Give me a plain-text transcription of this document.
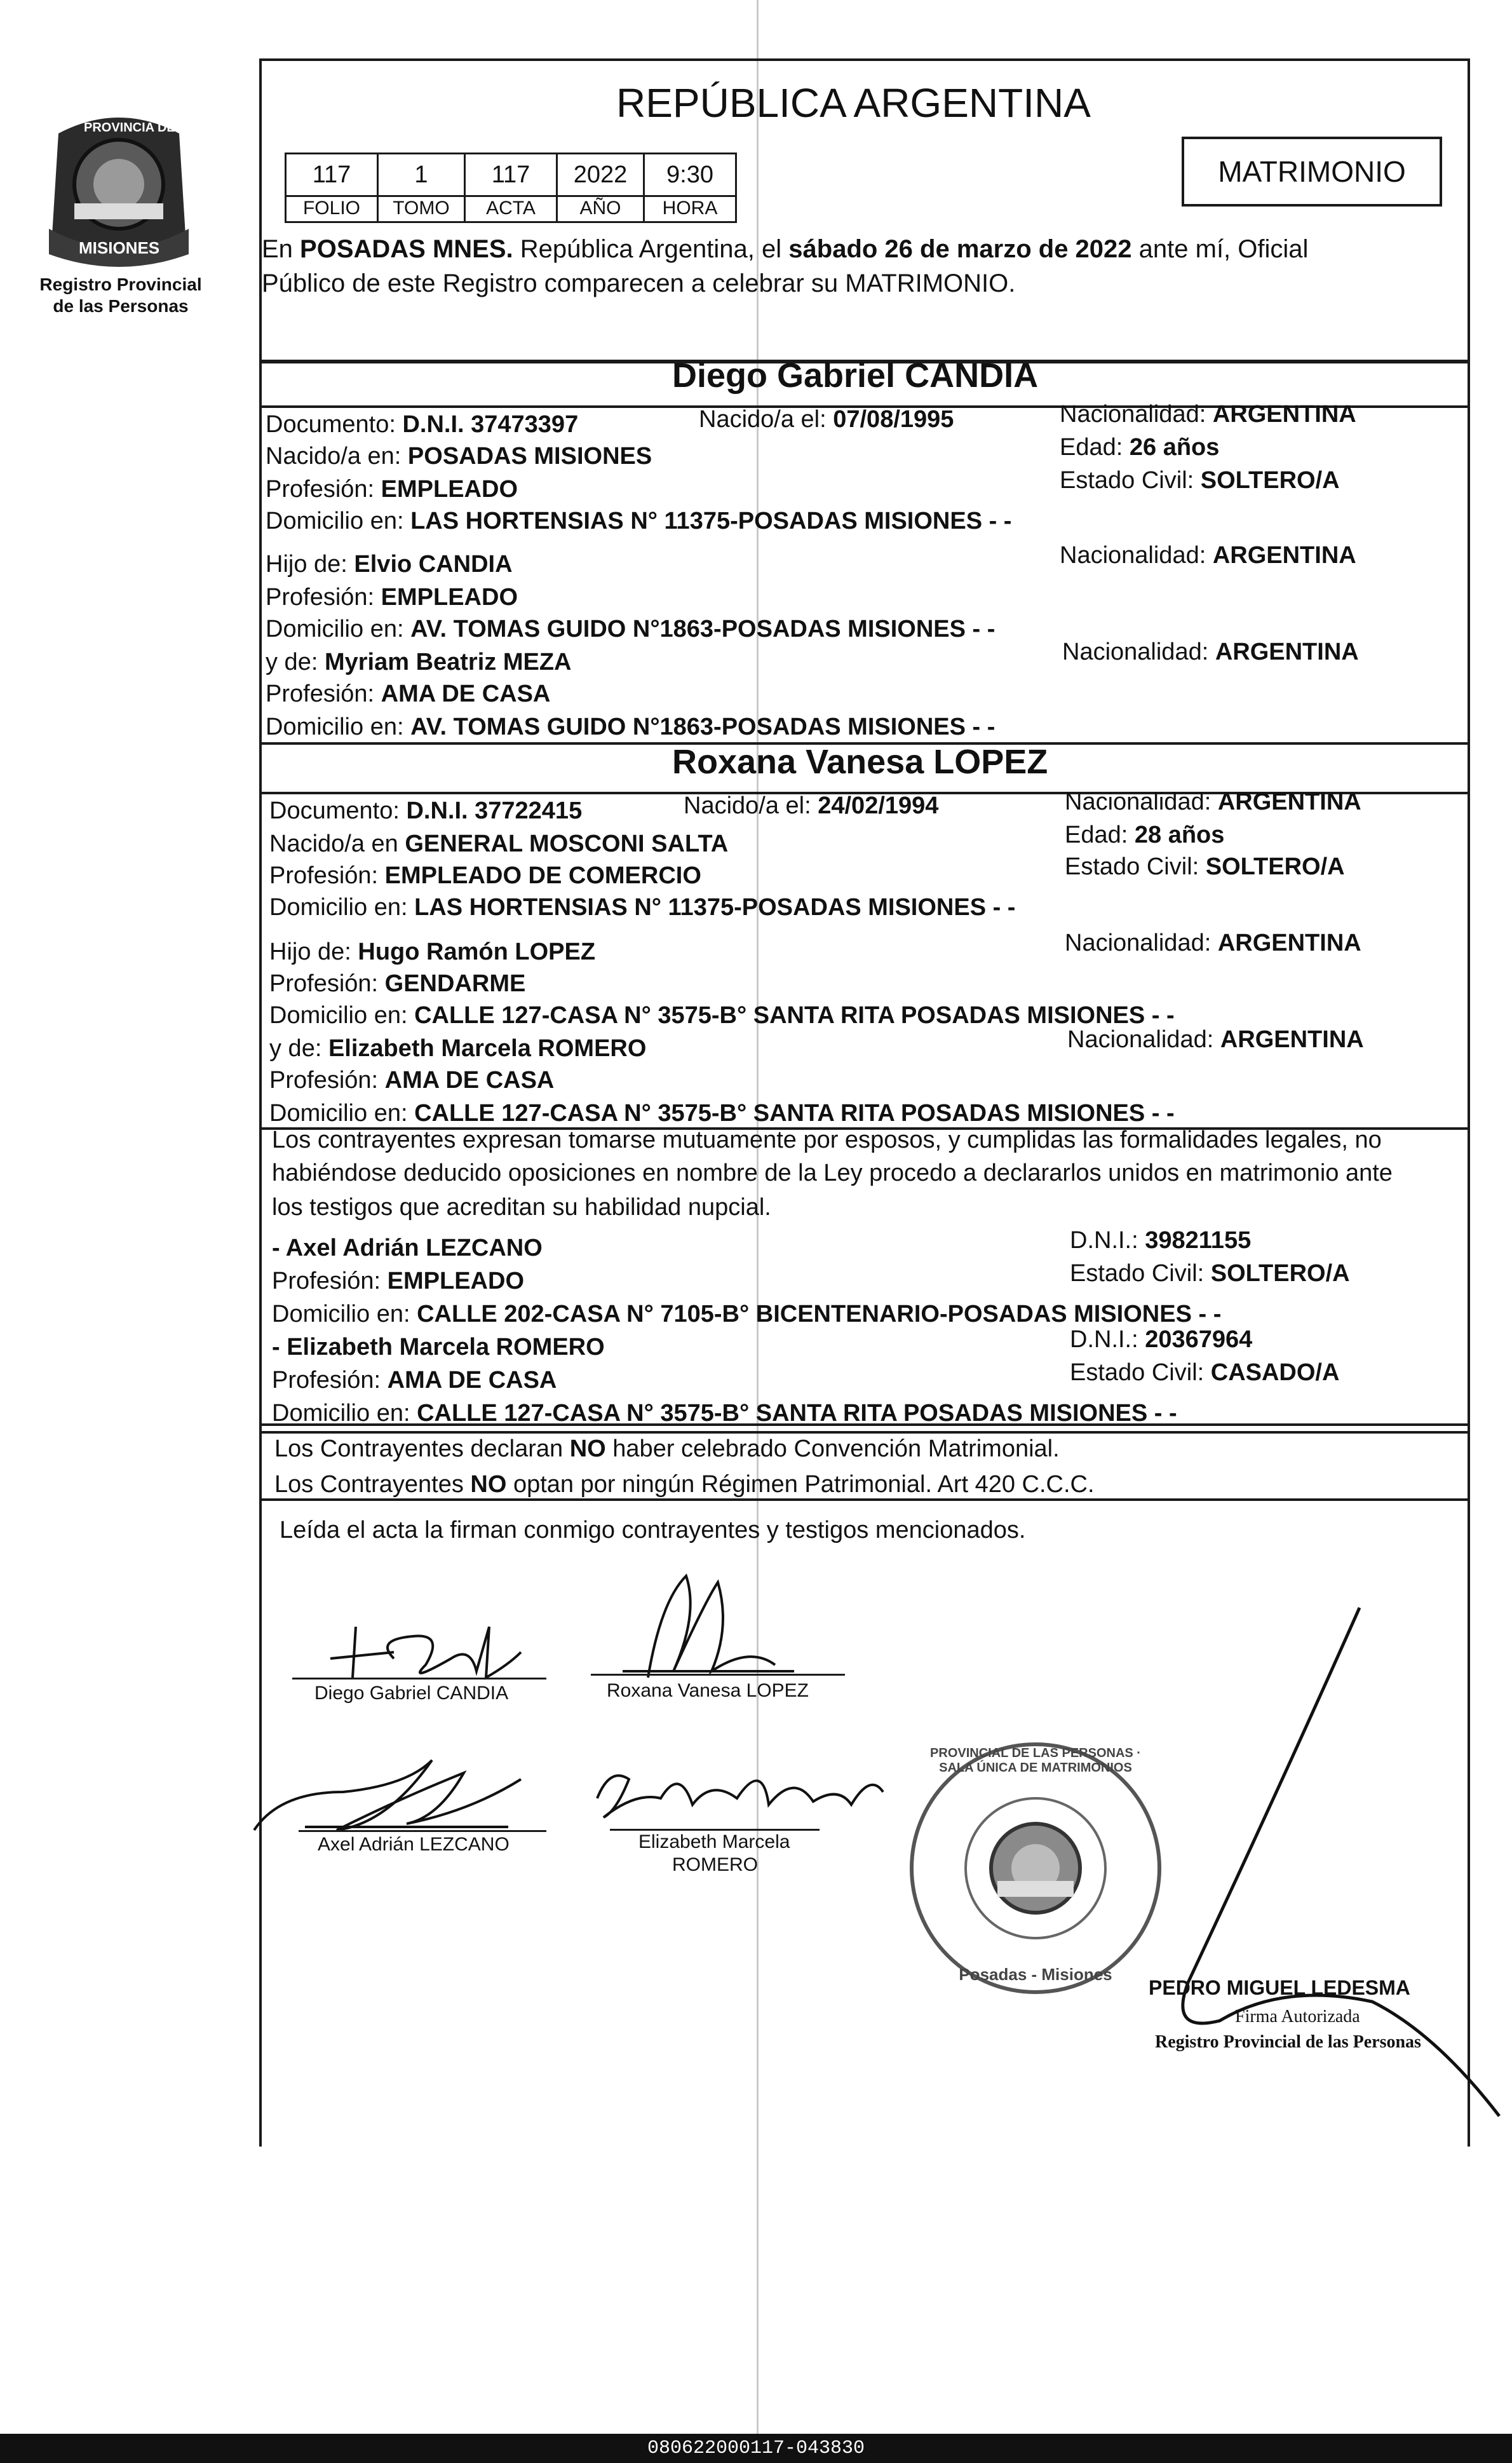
PROVINCIA DE
MISIONES
Registro Provincial
de las Personas
REPÚBLICA ARGENTINA
117	1	117	2022	9:30
FOLIO	TOMO	ACTA	AÑO	HORA
MATRIMONIO
En POSADAS MNES. República Argentina, el sábado 26 de marzo de 2022 ante mí, Oficial
Público de este Registro comparecen a celebrar su MATRIMONIO.
Diego Gabriel CANDIA
Documento: D.N.I. 37473397	Nacido/a el: 07/08/1995	Nacionalidad: ARGENTINA
Nacido/a en: POSADAS MISIONES	Edad: 26 años
Profesión: EMPLEADO	Estado Civil: SOLTERO/A
Domicilio en: LAS HORTENSIAS N° 11375-POSADAS MISIONES - -
Hijo de: Elvio CANDIA	Nacionalidad: ARGENTINA
Profesión: EMPLEADO
Domicilio en: AV. TOMAS GUIDO N°1863-POSADAS MISIONES - -
y de: Myriam Beatriz MEZA	Nacionalidad: ARGENTINA
Profesión: AMA DE CASA
Domicilio en: AV. TOMAS GUIDO N°1863-POSADAS MISIONES - -
Roxana Vanesa LOPEZ
Documento: D.N.I. 37722415	Nacido/a el: 24/02/1994	Nacionalidad: ARGENTINA
Nacido/a en GENERAL MOSCONI SALTA	Edad: 28 años
Profesión: EMPLEADO DE COMERCIO	Estado Civil: SOLTERO/A
Domicilio en: LAS HORTENSIAS N° 11375-POSADAS MISIONES - -
Hijo de: Hugo Ramón LOPEZ	Nacionalidad: ARGENTINA
Profesión: GENDARME
Domicilio en: CALLE 127-CASA N° 3575-B° SANTA RITA POSADAS MISIONES - -
y de: Elizabeth Marcela ROMERO	Nacionalidad: ARGENTINA
Profesión: AMA DE CASA
Domicilio en: CALLE 127-CASA N° 3575-B° SANTA RITA POSADAS MISIONES - -
Los contrayentes expresan tomarse mutuamente por esposos, y cumplidas las formalidades legales, no
habiéndose deducido oposiciones en nombre de la Ley procedo a declararlos unidos en matrimonio ante
los testigos que acreditan su habilidad nupcial.
- Axel Adrián LEZCANO	D.N.I.: 39821155
Profesión: EMPLEADO	Estado Civil: SOLTERO/A
Domicilio en: CALLE 202-CASA N° 7105-B° BICENTENARIO-POSADAS MISIONES - -
- Elizabeth Marcela ROMERO	D.N.I.: 20367964
Profesión: AMA DE CASA	Estado Civil: CASADO/A
Domicilio en: CALLE 127-CASA N° 3575-B° SANTA RITA POSADAS MISIONES - -
Los Contrayentes declaran NO haber celebrado Convención Matrimonial.
Los Contrayentes NO optan por ningún Régimen Patrimonial. Art 420 C.C.C.
Leída el acta la firman conmigo contrayentes y testigos mencionados.
Diego Gabriel CANDIA	Roxana Vanesa LOPEZ
Axel Adrián LEZCANO	Elizabeth Marcela
ROMERO
PROVINCIAL DE LAS PERSONAS · SALA ÚNICA DE MATRIMONIOS
Posadas - Misiones
PEDRO MIGUEL LEDESMA
Firma Autorizada
Registro Provincial de las Personas
080622000117-043830
